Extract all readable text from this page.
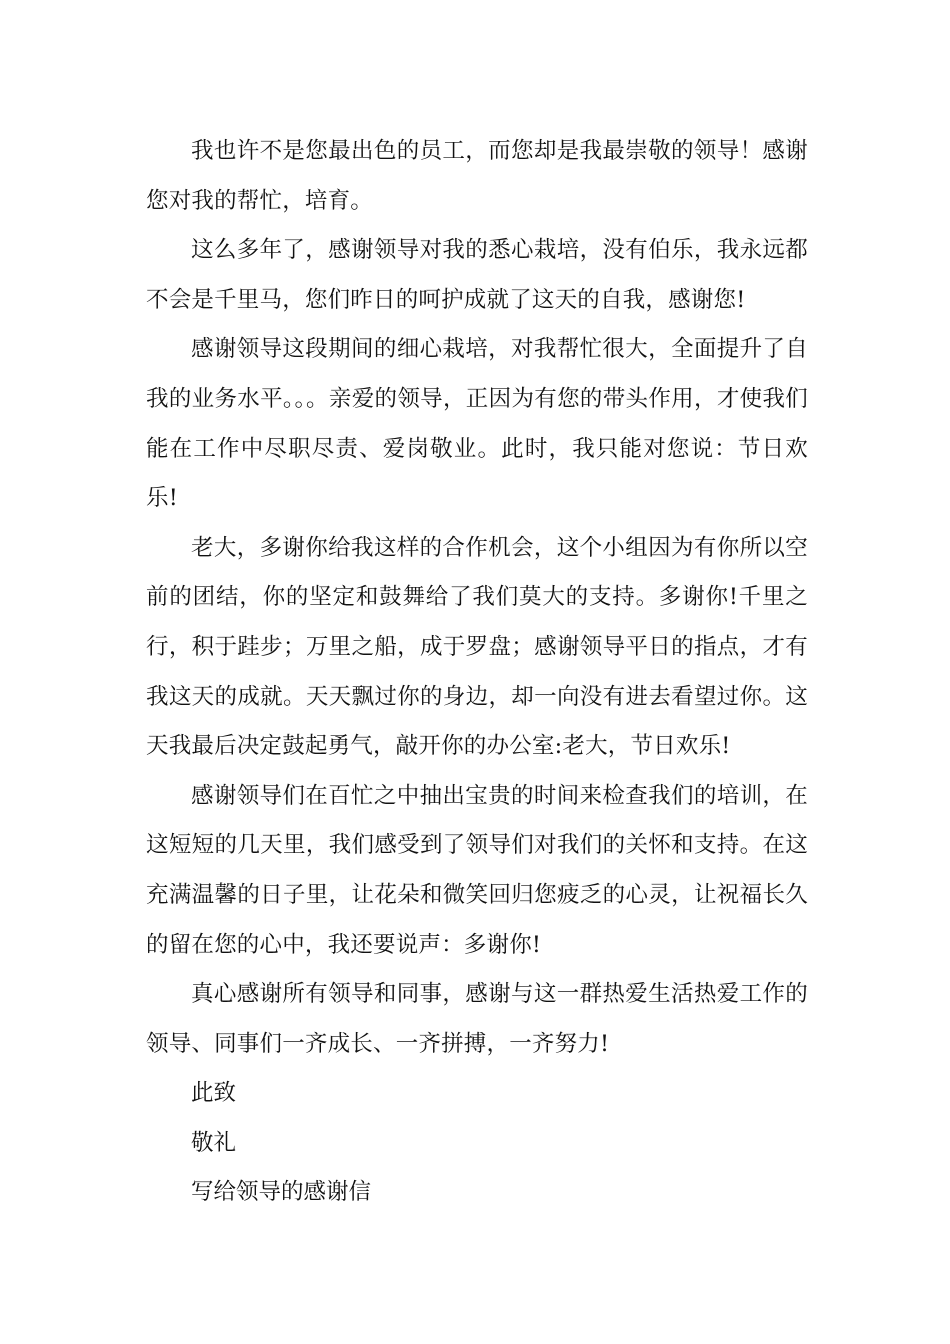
我也许不是您最出色的员工，而您却是我最崇敬的领导！感谢您对我的帮忙，培育。

这么多年了，感谢领导对我的悉心栽培，没有伯乐，我永远都不会是千里马，您们昨日的呵护成就了这天的自我，感谢您!

感谢领导这段期间的细心栽培，对我帮忙很大，全面提升了自我的业务水平。。。亲爱的领导，正因为有您的带头作用，才使我们能在工作中尽职尽责、爱岗敬业。此时，我只能对您说：节日欢乐!

老大，多谢你给我这样的合作机会，这个小组因为有你所以空前的团结，你的坚定和鼓舞给了我们莫大的支持。多谢你!千里之行，积于跬步；万里之船，成于罗盘；感谢领导平日的指点，才有我这天的成就。天天飘过你的身边，却一向没有进去看望过你。这天我最后决定鼓起勇气，敲开你的办公室:老大，节日欢乐!

感谢领导们在百忙之中抽出宝贵的时间来检查我们的培训，在这短短的几天里，我们感受到了领导们对我们的关怀和支持。在这充满温馨的日子里，让花朵和微笑回归您疲乏的心灵，让祝福长久的留在您的心中，我还要说声：多谢你!

真心感谢所有领导和同事，感谢与这一群热爱生活热爱工作的领导、同事们一齐成长、一齐拼搏，一齐努力!

此致

敬礼

写给领导的感谢信
